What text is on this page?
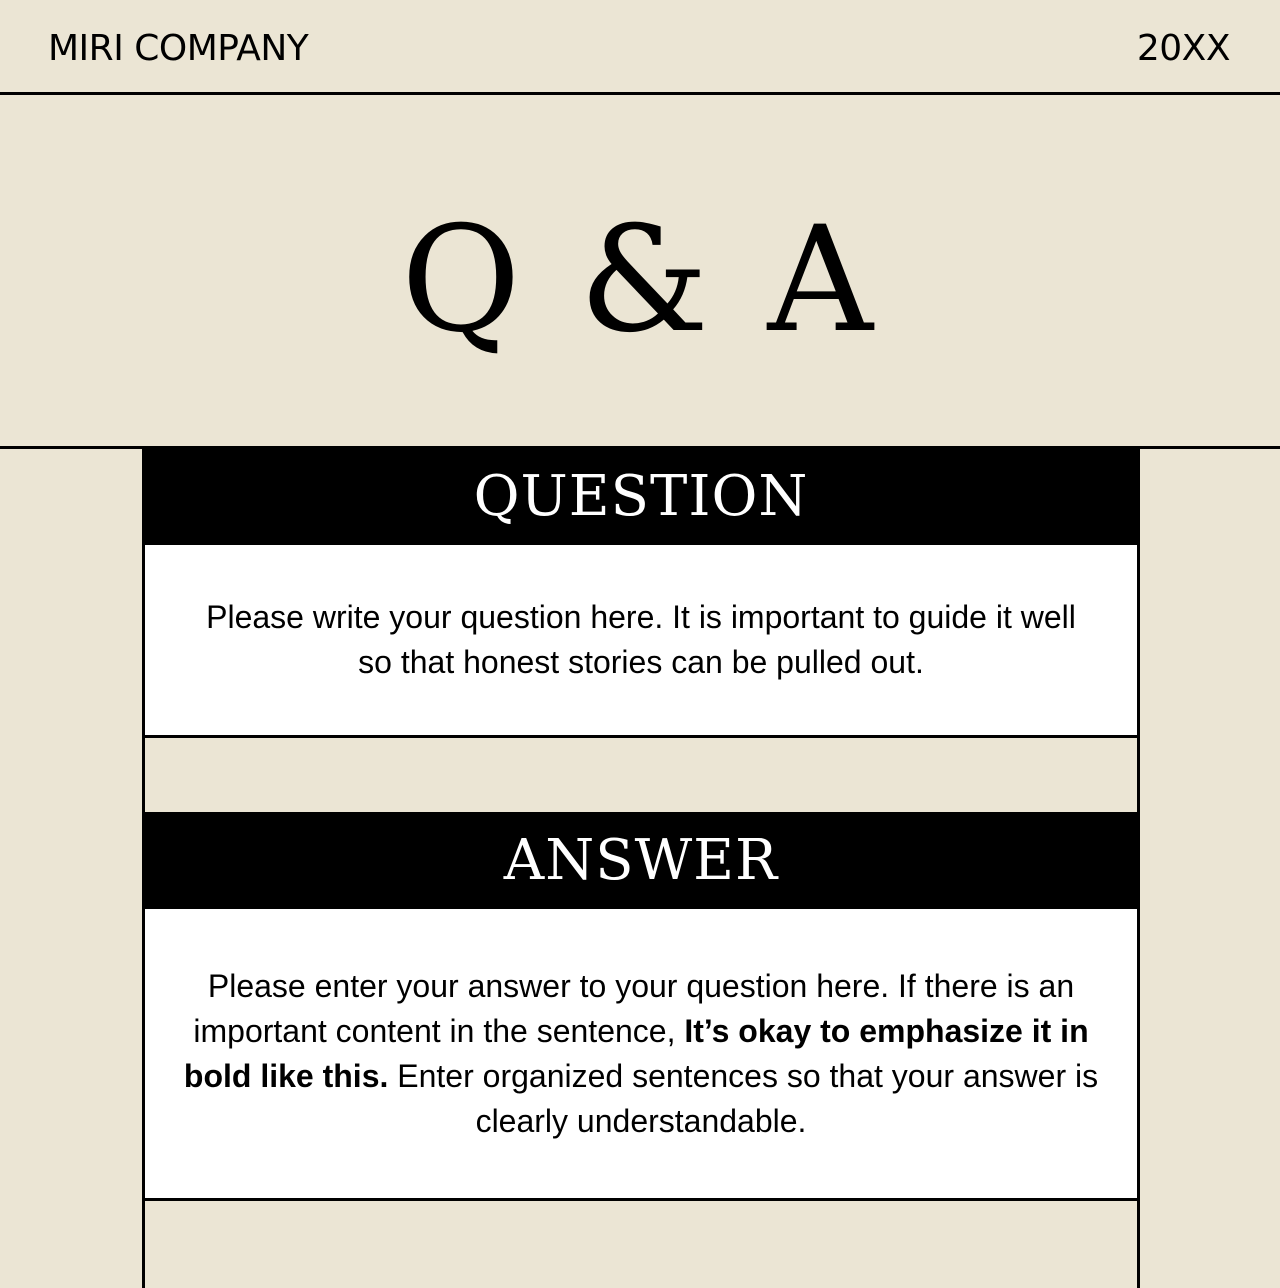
MIRI COMPANY	20XX
Q & A
QUESTION
Please write your question here. It is important to guide it well so that honest stories can be pulled out.
ANSWER

Please enter your answer to your question here. If there is an important content in the sentence, It’s okay to emphasize it in bold like this. Enter organized sentences so that your answer is clearly understandable.
